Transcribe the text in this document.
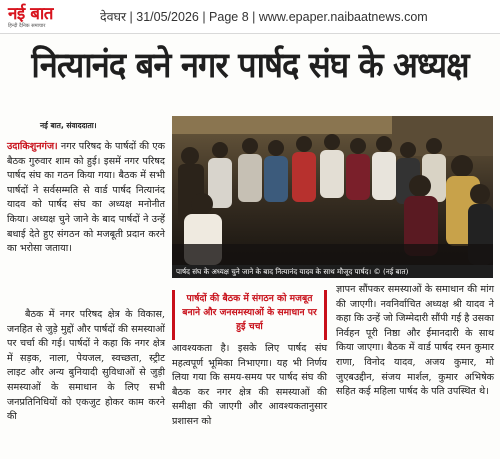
नई बात
हिन्दी दैनिक समाचार
देवघर | 31/05/2026 | Page 8 | www.epaper.naibaatnews.com
नित्यानंद बने नगर पार्षद संघ के अध्यक्ष
नई बात, संवाददाता।
उदाकिशुनगंज। नगर परिषद के पार्षदों की एक बैठक गुरुवार शाम को हुई। इसमें नगर परिषद पार्षद संघ का गठन किया गया। बैठक में सभी पार्षदों ने सर्वसम्मति से वार्ड पार्षद नित्यानंद यादव को पार्षद संघ का अध्यक्ष मनोनीत किया। अध्यक्ष चुने जाने के बाद पार्षदों ने उन्हें बधाई देते हुए संगठन को मजबूती प्रदान करने का भरोसा जताया।
बैठक में नगर परिषद क्षेत्र के विकास, जनहित से जुड़े मुद्दों और पार्षदों की समस्याओं पर चर्चा की गई। पार्षदों ने कहा कि नगर क्षेत्र में सड़क, नाला, पेयजल, स्वच्छता, स्ट्रीट लाइट और अन्य बुनियादी सुविधाओं से जुड़ी समस्याओं के समाधान के लिए सभी जनप्रतिनिधियों को एकजुट होकर काम करने की
पार्षद संघ के अध्यक्ष चुने जाने के बाद नित्यानंद यादव के साथ मौजूद पार्षद। © (नई बात)
पार्षदों की बैठक में संगठन को मजबूत बनाने और जनसमस्याओं के समाधान पर हुई चर्चा
आवश्यकता है। इसके लिए पार्षद संघ महत्वपूर्ण भूमिका निभाएगा। यह भी निर्णय लिया गया कि समय-समय पर पार्षद संघ की बैठक कर नगर क्षेत्र की समस्याओं की समीक्षा की जाएगी और आवश्यकतानुसार प्रशासन को
ज्ञापन सौंपकर समस्याओं के समाधान की मांग की जाएगी। नवनिर्वाचित अध्यक्ष श्री यादव ने कहा कि उन्हें जो जिम्मेदारी सौंपी गई है उसका निर्वहन पूरी निष्ठा और ईमानदारी के साथ किया जाएगा। बैठक में वार्ड पार्षद रमन कुमार राणा, विनोद यादव, अजय कुमार, मो जुएबउद्दीन, संजय मार्शल, कुमार अभिषेक सहित कई महिला पार्षद के पति उपस्थित थे।
